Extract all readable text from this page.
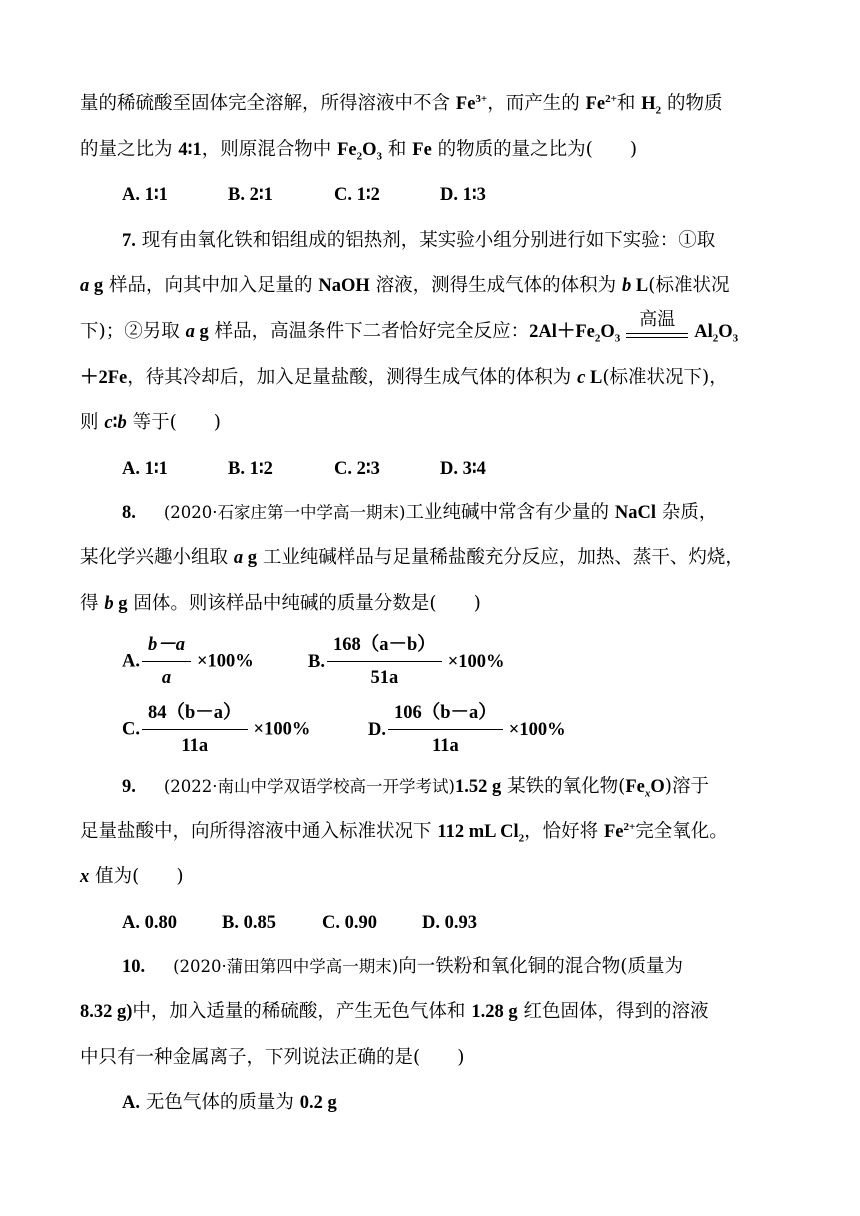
量的稀硫酸至固体完全溶解，所得溶液中不含 $Fe^{3+}$，而产生的 $Fe^{2+}$和 $H_2$ 的物质
的量之比为 4∶1，则原混合物中 $Fe_2O_3$ 和 Fe 的物质的量之比为(　　)
A. 1∶1	B. 2∶1	C. 1∶2	D. 1∶3
7. 现有由氧化铁和铝组成的铝热剂，某实验小组分别进行如下实验：①取
a g 样品，向其中加入足量的 NaOH 溶液，测得生成气体的体积为 b L(标准状况
下)；②另取 a g 样品，高温条件下二者恰好完全反应：$2Al+Fe_2O_3$
高温
$Al_2O_3$
＋2Fe，待其冷却后，加入足量盐酸，测得生成气体的体积为 c L(标准状况下)，
则 c∶b 等于(　　)
A. 1∶1	B. 1∶2	C. 2∶3	D. 3∶4
8. (2020·石家庄第一中学高一期末)工业纯碱中常含有少量的 NaCl 杂质，
某化学兴趣小组取 a g 工业纯碱样品与足量稀盐酸充分反应，加热、蒸干、灼烧，
得 b g 固体。则该样品中纯碱的质量分数是(　　)
A. $\frac{b-a}{a} \times 100\%$	B. $\frac{168(a-b)}{51a} \times 100\%$
C. $\frac{84(b-a)}{11a} \times 100\%$	D. $\frac{106(b-a)}{11a} \times 100\%$
9. (2022·南山中学双语学校高一开学考试)1.52 g 某铁的氧化物$(Fe_xO)$溶于
足量盐酸中，向所得溶液中通入标准状况下 112 mL $Cl_2$，恰好将 $Fe^{2+}$完全氧化。
x 值为(　　)
A. 0.80 B. 0.85 C. 0.90 D. 0.93
10. (2020·蒲田第四中学高一期末)向一铁粉和氧化铜的混合物(质量为
8.32 g)中，加入适量的稀硫酸，产生无色气体和 1.28 g 红色固体，得到的溶液
中只有一种金属离子，下列说法正确的是(　　)
A. 无色气体的质量为 0.2 g
